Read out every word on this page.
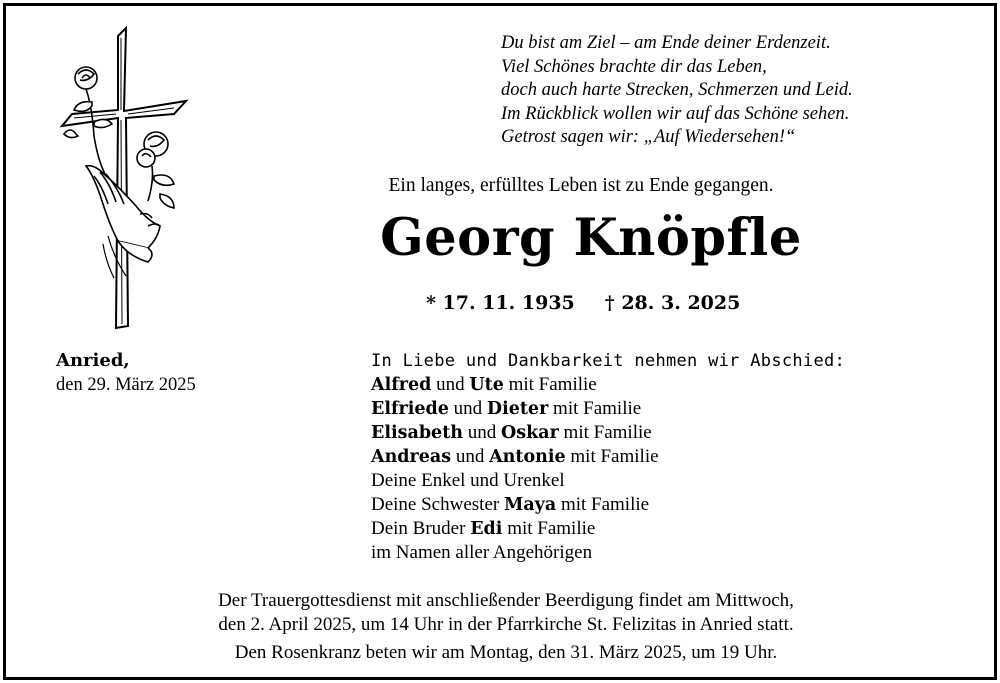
Du bist am Ziel – am Ende deiner Erdenzeit.
Viel Schönes brachte dir das Leben,
doch auch harte Strecken, Schmerzen und Leid.
Im Rückblick wollen wir auf das Schöne sehen.
Getrost sagen wir: „Auf Wiedersehen!“
Ein langes, erfülltes Leben ist zu Ende gegangen.
Georg Knöpfle
* 17. 11. 1935 † 28. 3. 2025
Anried,
den 29. März 2025
In Liebe und Dankbarkeit nehmen wir Abschied:
Alfred und Ute mit Familie
Elfriede und Dieter mit Familie
Elisabeth und Oskar mit Familie
Andreas und Antonie mit Familie
Deine Enkel und Urenkel
Deine Schwester Maya mit Familie
Dein Bruder Edi mit Familie
im Namen aller Angehörigen

Der Trauergottesdienst mit anschließender Beerdigung findet am Mittwoch,

den 2. April 2025, um 14 Uhr in der Pfarrkirche St. Felizitas in Anried statt.

Den Rosenkranz beten wir am Montag, den 31. März 2025, um 19 Uhr.
